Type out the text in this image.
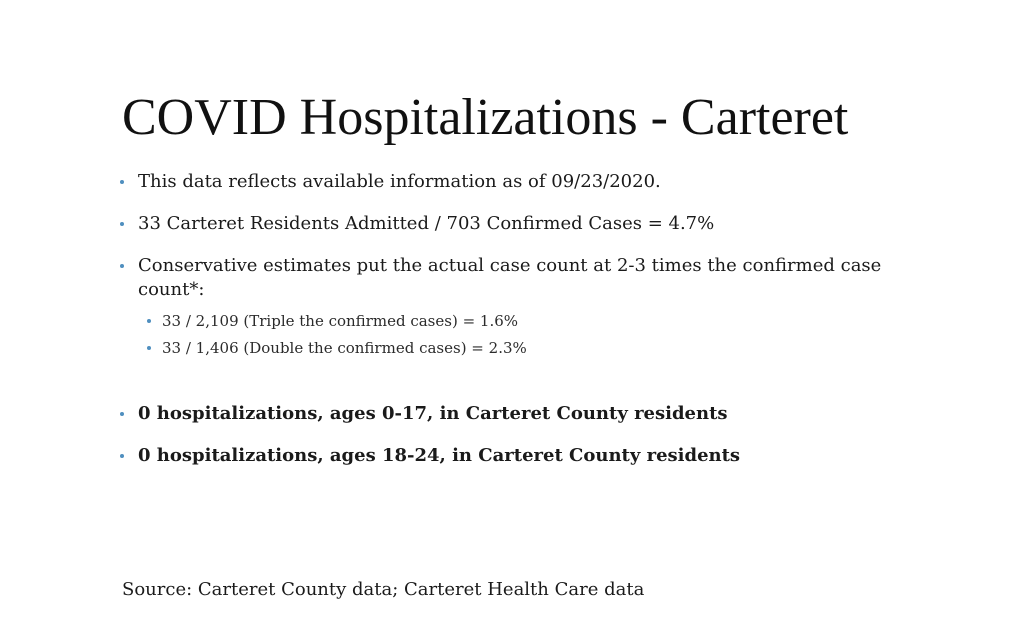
COVID Hospitalizations - Carteret
This data reflects available information as of 09/23/2020.
33 Carteret Residents Admitted / 703 Confirmed Cases = 4.7%
Conservative estimates put the actual case count at 2-3 times the confirmed case count*:
33 / 2,109 (Triple the confirmed cases) = 1.6%
33 / 1,406 (Double the confirmed cases) = 2.3%
0 hospitalizations, ages 0-17, in Carteret County residents
0 hospitalizations, ages 18-24, in Carteret County residents
Source: Carteret County data; Carteret Health Care data
